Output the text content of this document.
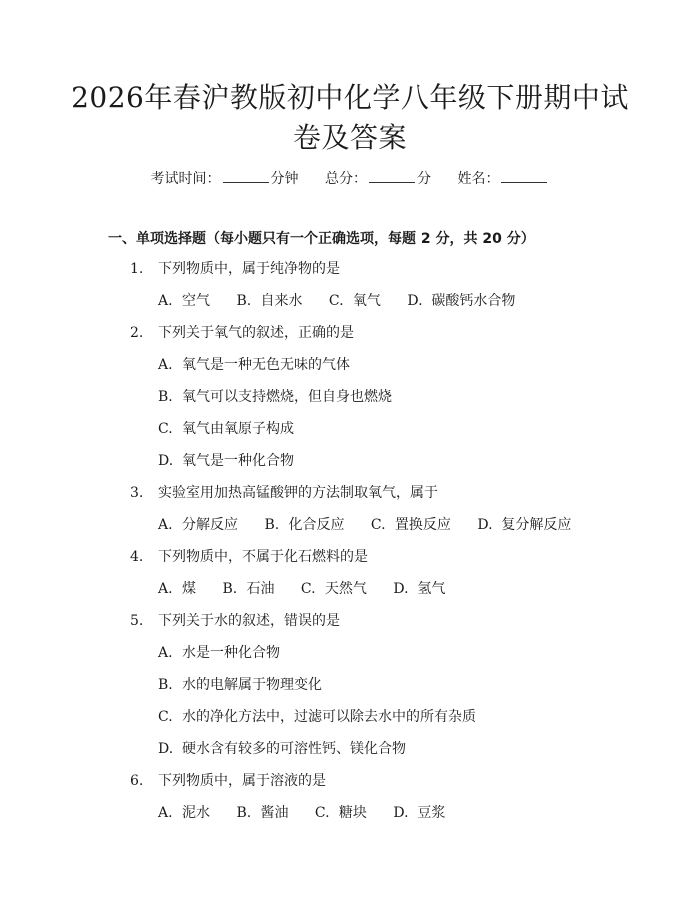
2026年春沪教版初中化学八年级下册期中试
卷及答案
考试时间：	分钟 总分：	分 姓名：
一、单项选择题（每小题只有一个正确选项，每题 2 分，共 20 分）
1. 下列物质中，属于纯净物的是
A. 空气 B. 自来水 C. 氧气 D. 碳酸钙水合物
2. 下列关于氧气的叙述，正确的是
A. 氧气是一种无色无味的气体
B. 氧气可以支持燃烧，但自身也燃烧
C. 氧气由氧原子构成
D. 氧气是一种化合物
3. 实验室用加热高锰酸钾的方法制取氧气，属于
A. 分解反应 B. 化合反应 C. 置换反应 D. 复分解反应
4. 下列物质中，不属于化石燃料的是
A. 煤 B. 石油 C. 天然气 D. 氢气
5. 下列关于水的叙述，错误的是
A. 水是一种化合物
B. 水的电解属于物理变化
C. 水的净化方法中，过滤可以除去水中的所有杂质
D. 硬水含有较多的可溶性钙、镁化合物
6. 下列物质中，属于溶液的是
A. 泥水 B. 酱油 C. 糖块 D. 豆浆
